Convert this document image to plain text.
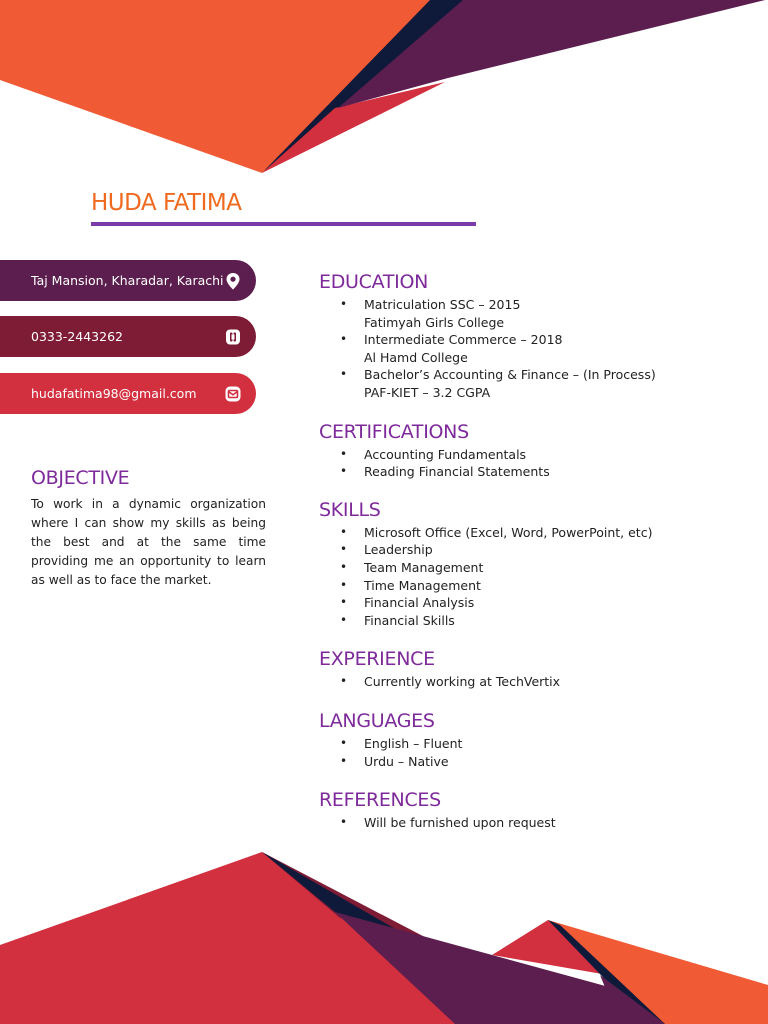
HUDA FATIMA
Taj Mansion, Kharadar, Karachi
0333-2443262
hudafatima98@gmail.com
OBJECTIVE

To work in a dynamic organization where I can show my skills as being the best and at the same time providing me an opportunity to learn as well as to face the market.

EDUCATION
• Matriculation SSC – 2015
Fatimyah Girls College
• Intermediate Commerce – 2018
Al Hamd College
• Bachelor’s Accounting & Finance – (In Process)
PAF-KIET – 3.2 CGPA
CERTIFICATIONS
• Accounting Fundamentals
• Reading Financial Statements
SKILLS
• Microsoft Office (Excel, Word, PowerPoint, etc)
• Leadership
• Team Management
• Time Management
• Financial Analysis
• Financial Skills
EXPERIENCE
• Currently working at TechVertix
LANGUAGES
• English – Fluent
• Urdu – Native
REFERENCES
• Will be furnished upon request
